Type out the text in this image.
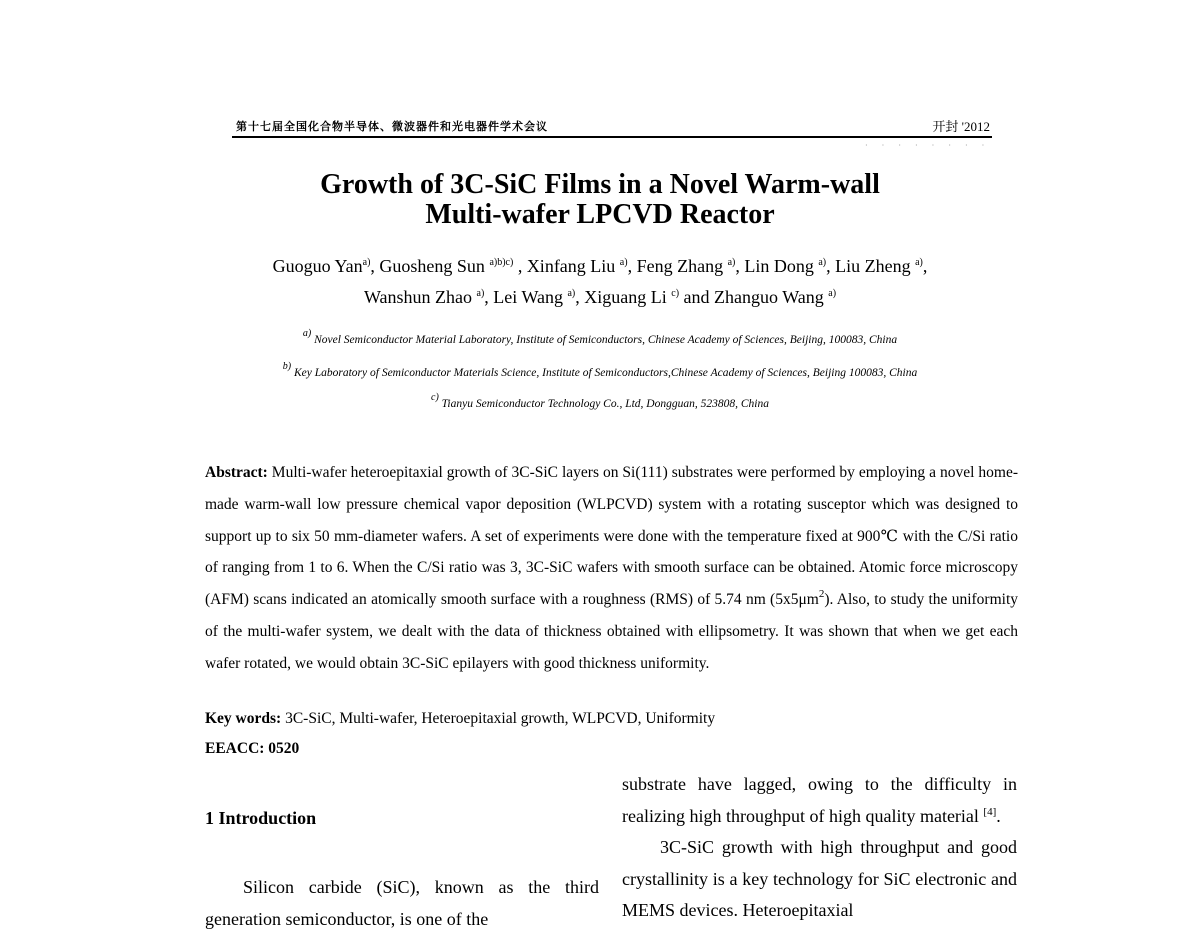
第十七届全国化合物半导体、微波器件和光电器件学术会议	开封 '2012
· · · · · · · ·
Growth of 3C-SiC Films in a Novel Warm-wall
Multi-wafer LPCVD Reactor
Guoguo Yan$^{a)}$, Guosheng Sun $^{a)b)c)}$ , Xinfang Liu $^{a)}$, Feng Zhang $^{a)}$, Lin Dong $^{a)}$, Liu Zheng $^{a)}$,
Wanshun Zhao $^{a)}$, Lei Wang $^{a)}$, Xiguang Li $^{c)}$ and Zhanguo Wang $^{a)}$
$^{a)}$ Novel Semiconductor Material Laboratory, Institute of Semiconductors, Chinese Academy of Sciences, Beijing, 100083, China
$^{b)}$ Key Laboratory of Semiconductor Materials Science, Institute of Semiconductors,Chinese Academy of Sciences, Beijing 100083, China
$^{c)}$ Tianyu Semiconductor Technology Co., Ltd, Dongguan, 523808, China

Abstract: Multi-wafer heteroepitaxial growth of 3C-SiC layers on Si(111) substrates were performed by employing a novel home-made warm-wall low pressure chemical vapor deposition (WLPCVD) system with a rotating susceptor which was designed to support up to six 50 mm-diameter wafers. A set of experiments were done with the temperature fixed at 900℃ with the C/Si ratio of ranging from 1 to 6. When the C/Si ratio was 3, 3C-SiC wafers with smooth surface can be obtained. Atomic force microscopy (AFM) scans indicated an atomically smooth surface with a roughness (RMS) of 5.74 nm $(5x5\mu m^2)$. Also, to study the uniformity of the multi-wafer system, we dealt with the data of thickness obtained with ellipsometry. It was shown that when we get each wafer rotated, we would obtain 3C-SiC epilayers with good thickness uniformity.

Key words: 3C-SiC, Multi-wafer, Heteroepitaxial growth, WLPCVD, Uniformity
EEACC: 0520
1 Introduction

Silicon carbide (SiC), known as the third generation semiconductor, is one of the

substrate have lagged, owing to the difficulty in realizing high throughput of high quality material [4].

3C-SiC growth with high throughput and good crystallinity is a key technology for SiC electronic and MEMS devices. Heteroepitaxial
